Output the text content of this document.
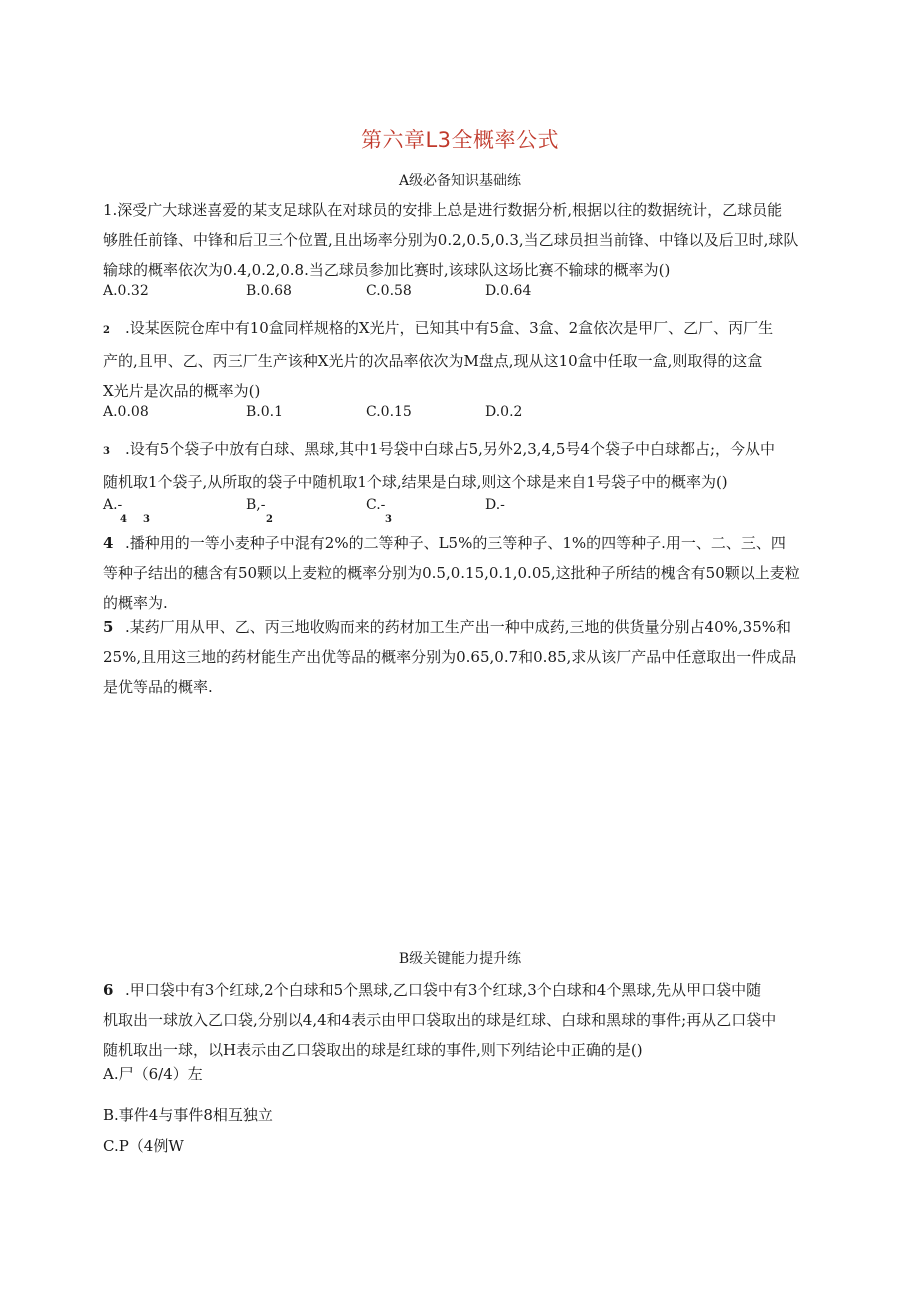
第六章L3全概率公式
A级必备知识基础练
1.深受广大球迷喜爱的某支足球队在对球员的安排上总是进行数据分析,根据以往的数据统计，乙球员能
够胜任前锋、中锋和后卫三个位置,且出场率分别为0.2,0.5,0.3,当乙球员担当前锋、中锋以及后卫时,球队
输球的概率依次为0.4,0.2,0.8.当乙球员参加比赛时,该球队这场比赛不输球的概率为()
A.0.32	B.0.68	C.0.58	D.0.64
2 .设某医院仓库中有10盒同样规格的X光片，已知其中有5盒、3盒、2盒依次是甲厂、乙厂、丙厂生
产的,且甲、乙、丙三厂生产该种X光片的次品率依次为M盘点,现从这10盒中任取一盒,则取得的这盒
X光片是次品的概率为()
A.0.08	B.0.1	C.0.15	D.0.2
3 .设有5个袋子中放有白球、黑球,其中1号袋中白球占5,另外2,3,4,5号4个袋子中白球都占;，今从中
随机取1个袋子,从所取的袋子中随机取1个球,结果是白球,则这个球是来自1号袋子中的概率为()
A.-	B,-	C.-	D.-
4 3	2	3
4 .播种用的一等小麦种子中混有2%的二等种子、L5%的三等种子、1%的四等种子.用一、二、三、四
等种子结出的穗含有50颗以上麦粒的概率分别为0.5,0.15,0.1,0.05,这批种子所结的槐含有50颗以上麦粒
的概率为.
5 .某药厂用从甲、乙、丙三地收购而来的药材加工生产出一种中成药,三地的供货量分别占40%,35%和
25%,且用这三地的药材能生产出优等品的概率分别为0.65,0.7和0.85,求从该厂产品中任意取出一件成品
是优等品的概率.
B级关键能力提升练
6 .甲口袋中有3个红球,2个白球和5个黑球,乙口袋中有3个红球,3个白球和4个黑球,先从甲口袋中随
机取出一球放入乙口袋,分别以4,4和4表示由甲口袋取出的球是红球、白球和黑球的事件;再从乙口袋中
随机取出一球，以H表示由乙口袋取出的球是红球的事件,则下列结论中正确的是()
A.尸（6/4）左
B.事件4与事件8相互独立
C.P（4例W
